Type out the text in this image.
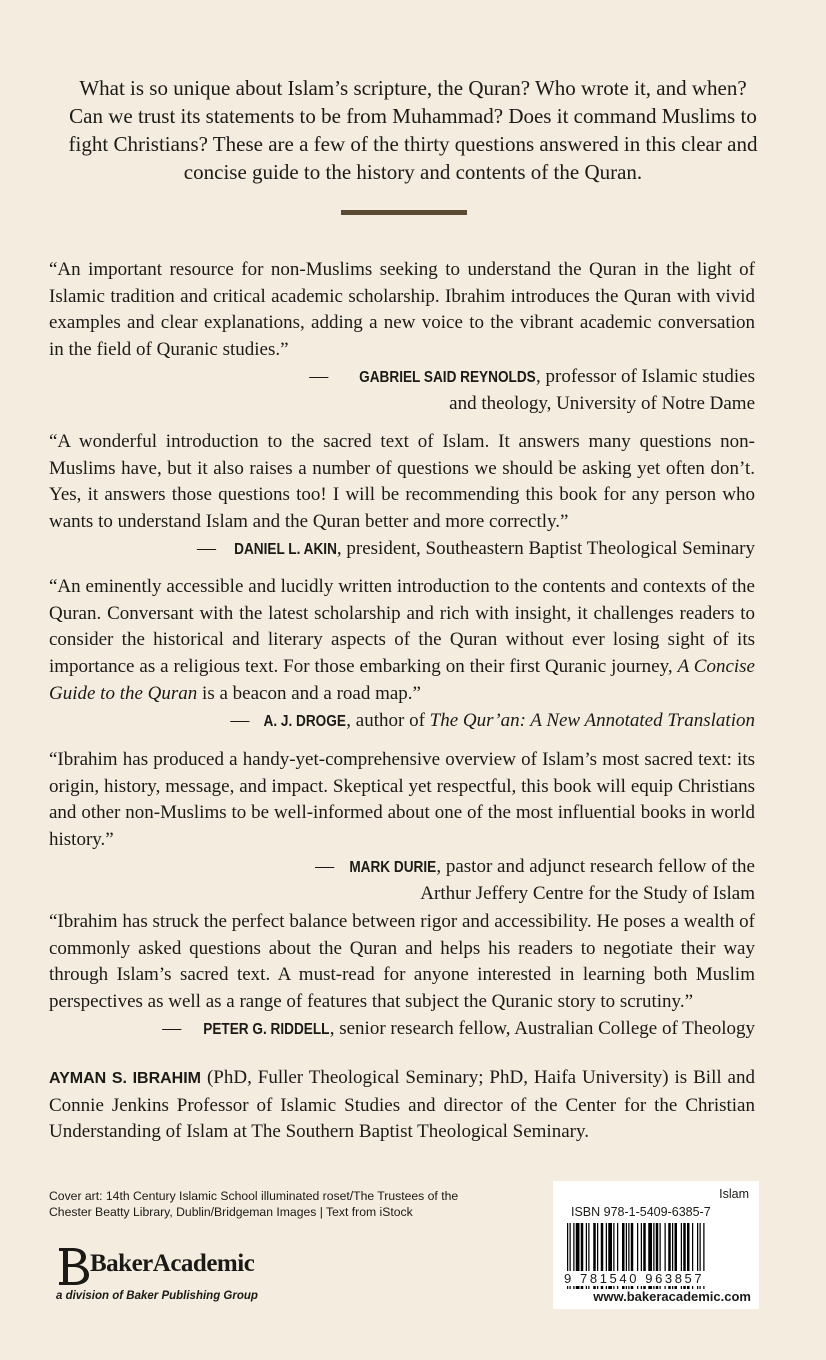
What is so unique about Islam’s scripture, the Quran? Who wrote it, and when? Can we trust its statements to be from Muhammad? Does it command Muslims to fight Christians? These are a few of the thirty questions answered in this clear and concise guide to the history and contents of the Quran.

“An important resource for non-Muslims seeking to understand the Quran in the light of Islamic tradition and critical academic scholarship. Ibrahim introduces the Quran with vivid examples and clear explanations, adding a new voice to the vibrant academic conversation in the field of Quranic studies.”

— GABRIEL SAID REYNOLDS, professor of Islamic studies
and theology, University of Notre Dame

“A wonderful introduction to the sacred text of Islam. It answers many questions non-Muslims have, but it also raises a number of questions we should be asking yet often don’t. Yes, it answers those questions too! I will be recommending this book for any person who wants to understand Islam and the Quran better and more correctly.”

— DANIEL L. AKIN, president, Southeastern Baptist Theological Seminary

“An eminently accessible and lucidly written introduction to the contents and contexts of the Quran. Conversant with the latest scholarship and rich with insight, it challenges readers to consider the historical and literary aspects of the Quran without ever losing sight of its importance as a religious text. For those embarking on their first Quranic journey, A Concise Guide to the Quran is a beacon and a road map.”

— A. J. DROGE, author of The Qur’an: A New Annotated Translation

“Ibrahim has produced a handy-yet-comprehensive overview of Islam’s most sacred text: its origin, history, message, and impact. Skeptical yet respectful, this book will equip Christians and other non-Muslims to be well-informed about one of the most influential books in world history.”

— MARK DURIE, pastor and adjunct research fellow of the
Arthur Jeffery Centre for the Study of Islam

“Ibrahim has struck the perfect balance between rigor and accessibility. He poses a wealth of commonly asked questions about the Quran and helps his readers to negotiate their way through Islam’s sacred text. A must-read for anyone interested in learning both Muslim perspectives as well as a range of features that subject the Quranic story to scrutiny.”

— PETER G. RIDDELL, senior research fellow, Australian College of Theology

AYMAN S. IBRAHIM (PhD, Fuller Theological Seminary; PhD, Haifa University) is Bill and Connie Jenkins Professor of Islamic Studies and director of the Center for the Christian Understanding of Islam at The Southern Baptist Theological Seminary.

Cover art: 14th Century Islamic School illuminated roset/The Trustees of the Chester Beatty Library, Dublin/Bridgeman Images | Text from iStock

BakerAcademic
a division of Baker Publishing Group
Islam
ISBN 978-1-5409-6385-7
9 781540 963857
www.bakeracademic.com
